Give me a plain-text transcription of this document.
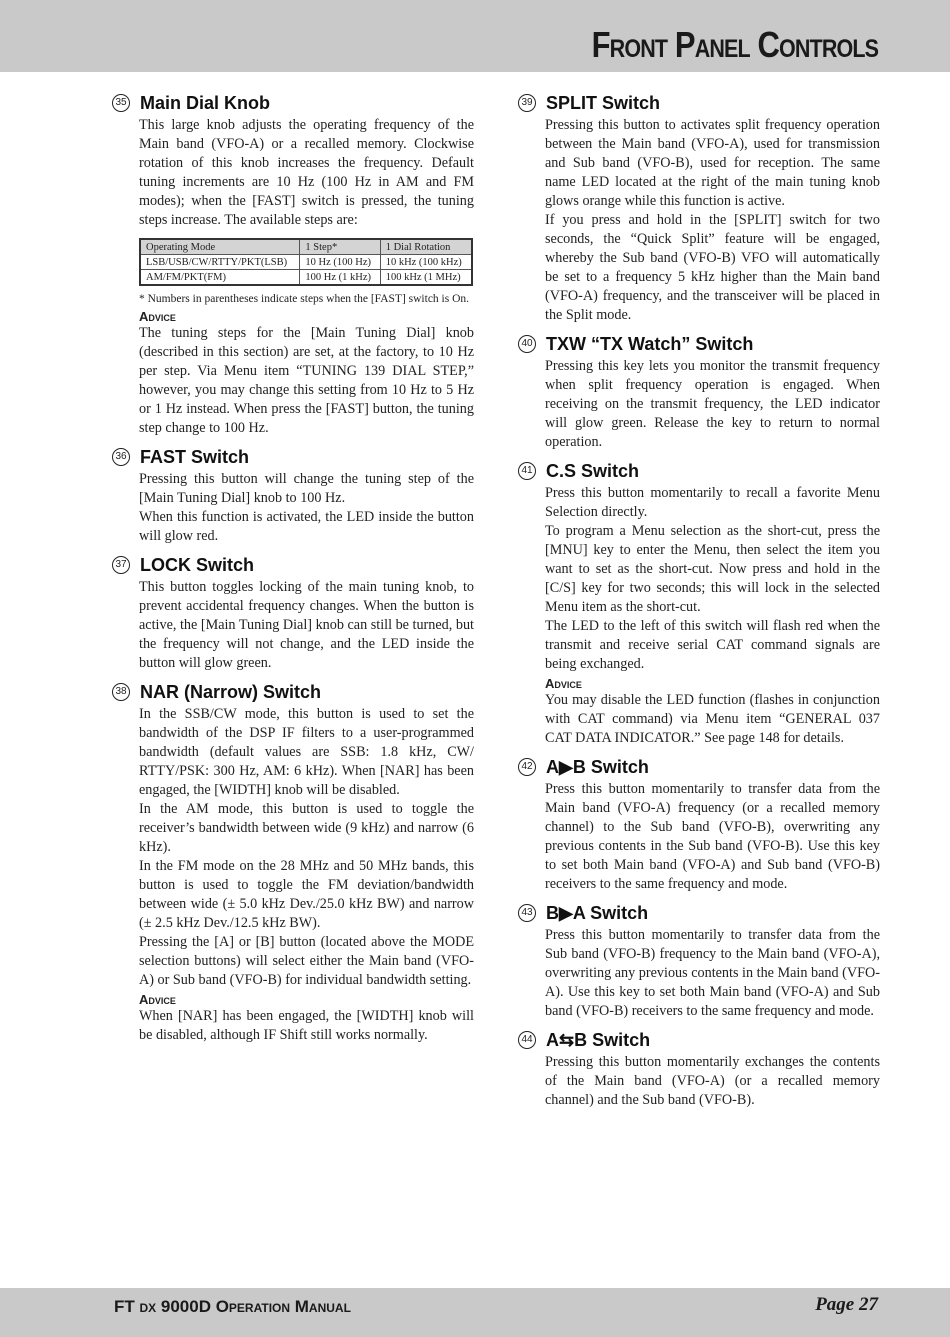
Front Panel Controls
35 Main Dial Knob

This large knob adjusts the operating frequency of the Main band (VFO-A) or a recalled memory. Clockwise rotation of this knob increases the frequency. Default tuning increments are 10 Hz (100 Hz in AM and FM modes); when the [FAST] switch is pressed, the tuning steps increase. The available steps are:

Operating Mode	1 Step*	1 Dial Rotation
LSB/USB/CW/RTTY/PKT(LSB)	10 Hz (100 Hz)	10 kHz (100 kHz)
AM/FM/PKT(FM)	100 Hz (1 kHz)	100 kHz (1 MHz)

* Numbers in parentheses indicate steps when the [FAST] switch is On.

Advice

The tuning steps for the [Main Tuning Dial] knob (described in this section) are set, at the factory, to 10 Hz per step. Via Menu item “TUNING 139 DIAL STEP,” however, you may change this setting from 10 Hz to 5 Hz or 1 Hz instead. When press the [FAST] button, the tuning step change to 100 Hz.

36 FAST Switch

Pressing this button will change the tuning step of the [Main Tuning Dial] knob to 100 Hz.

When this function is activated, the LED inside the button will glow red.

37 LOCK Switch

This button toggles locking of the main tuning knob, to prevent accidental frequency changes. When the button is active, the [Main Tuning Dial] knob can still be turned, but the frequency will not change, and the LED inside the button will glow green.

38 NAR (Narrow) Switch

In the SSB/CW mode, this button is used to set the bandwidth of the DSP IF filters to a user-programmed bandwidth (default values are SSB: 1.8 kHz, CW/ RTTY/PSK: 300 Hz, AM: 6 kHz). When [NAR] has been engaged, the [WIDTH] knob will be disabled.

In the AM mode, this button is used to toggle the receiver’s bandwidth between wide (9 kHz) and narrow (6 kHz).

In the FM mode on the 28 MHz and 50 MHz bands, this button is used to toggle the FM deviation/bandwidth between wide (± 5.0 kHz Dev./25.0 kHz BW) and narrow (± 2.5 kHz Dev./12.5 kHz BW).

Pressing the [A] or [B] button (located above the MODE selection buttons) will select either the Main band (VFO-A) or Sub band (VFO-B) for individual bandwidth setting.

Advice

When [NAR] has been engaged, the [WIDTH] knob will be disabled, although IF Shift still works normally.

39 SPLIT Switch

Pressing this button to activates split frequency operation between the Main band (VFO-A), used for transmission and Sub band (VFO-B), used for reception. The same name LED located at the right of the main tuning knob glows orange while this function is active.

If you press and hold in the [SPLIT] switch for two seconds, the “Quick Split” feature will be engaged, whereby the Sub band (VFO-B) VFO will automatically be set to a frequency 5 kHz higher than the Main band (VFO-A) frequency, and the transceiver will be placed in the Split mode.

40 TXW “TX Watch” Switch

Pressing this key lets you monitor the transmit frequency when split frequency operation is engaged. When receiving on the transmit frequency, the LED indicator will glow green. Release the key to return to normal operation.

41 C.S Switch

Press this button momentarily to recall a favorite Menu Selection directly.

To program a Menu selection as the short-cut, press the [MNU] key to enter the Menu, then select the item you want to set as the short-cut. Now press and hold in the [C/S] key for two seconds; this will lock in the selected Menu item as the short-cut.

The LED to the left of this switch will flash red when the transmit and receive serial CAT command signals are being exchanged.

Advice

You may disable the LED function (flashes in conjunction with CAT command) via Menu item “GENERAL 037 CAT DATA INDICATOR.” See page 148 for details.

42 A▶B Switch

Press this button momentarily to transfer data from the Main band (VFO-A) frequency (or a recalled memory channel) to the Sub band (VFO-B), overwriting any previous contents in the Sub band (VFO-B). Use this key to set both Main band (VFO-A) and Sub band (VFO-B) receivers to the same frequency and mode.

43 B▶A Switch

Press this button momentarily to transfer data from the Sub band (VFO-B) frequency to the Main band (VFO-A), overwriting any previous contents in the Main band (VFO-A). Use this key to set both Main band (VFO-A) and Sub band (VFO-B) receivers to the same frequency and mode.

44 A⇆B Switch

Pressing this button momentarily exchanges the contents of the Main band (VFO-A) (or a recalled memory channel) and the Sub band (VFO-B).

FT dx 9000D Operation Manual	Page 27
